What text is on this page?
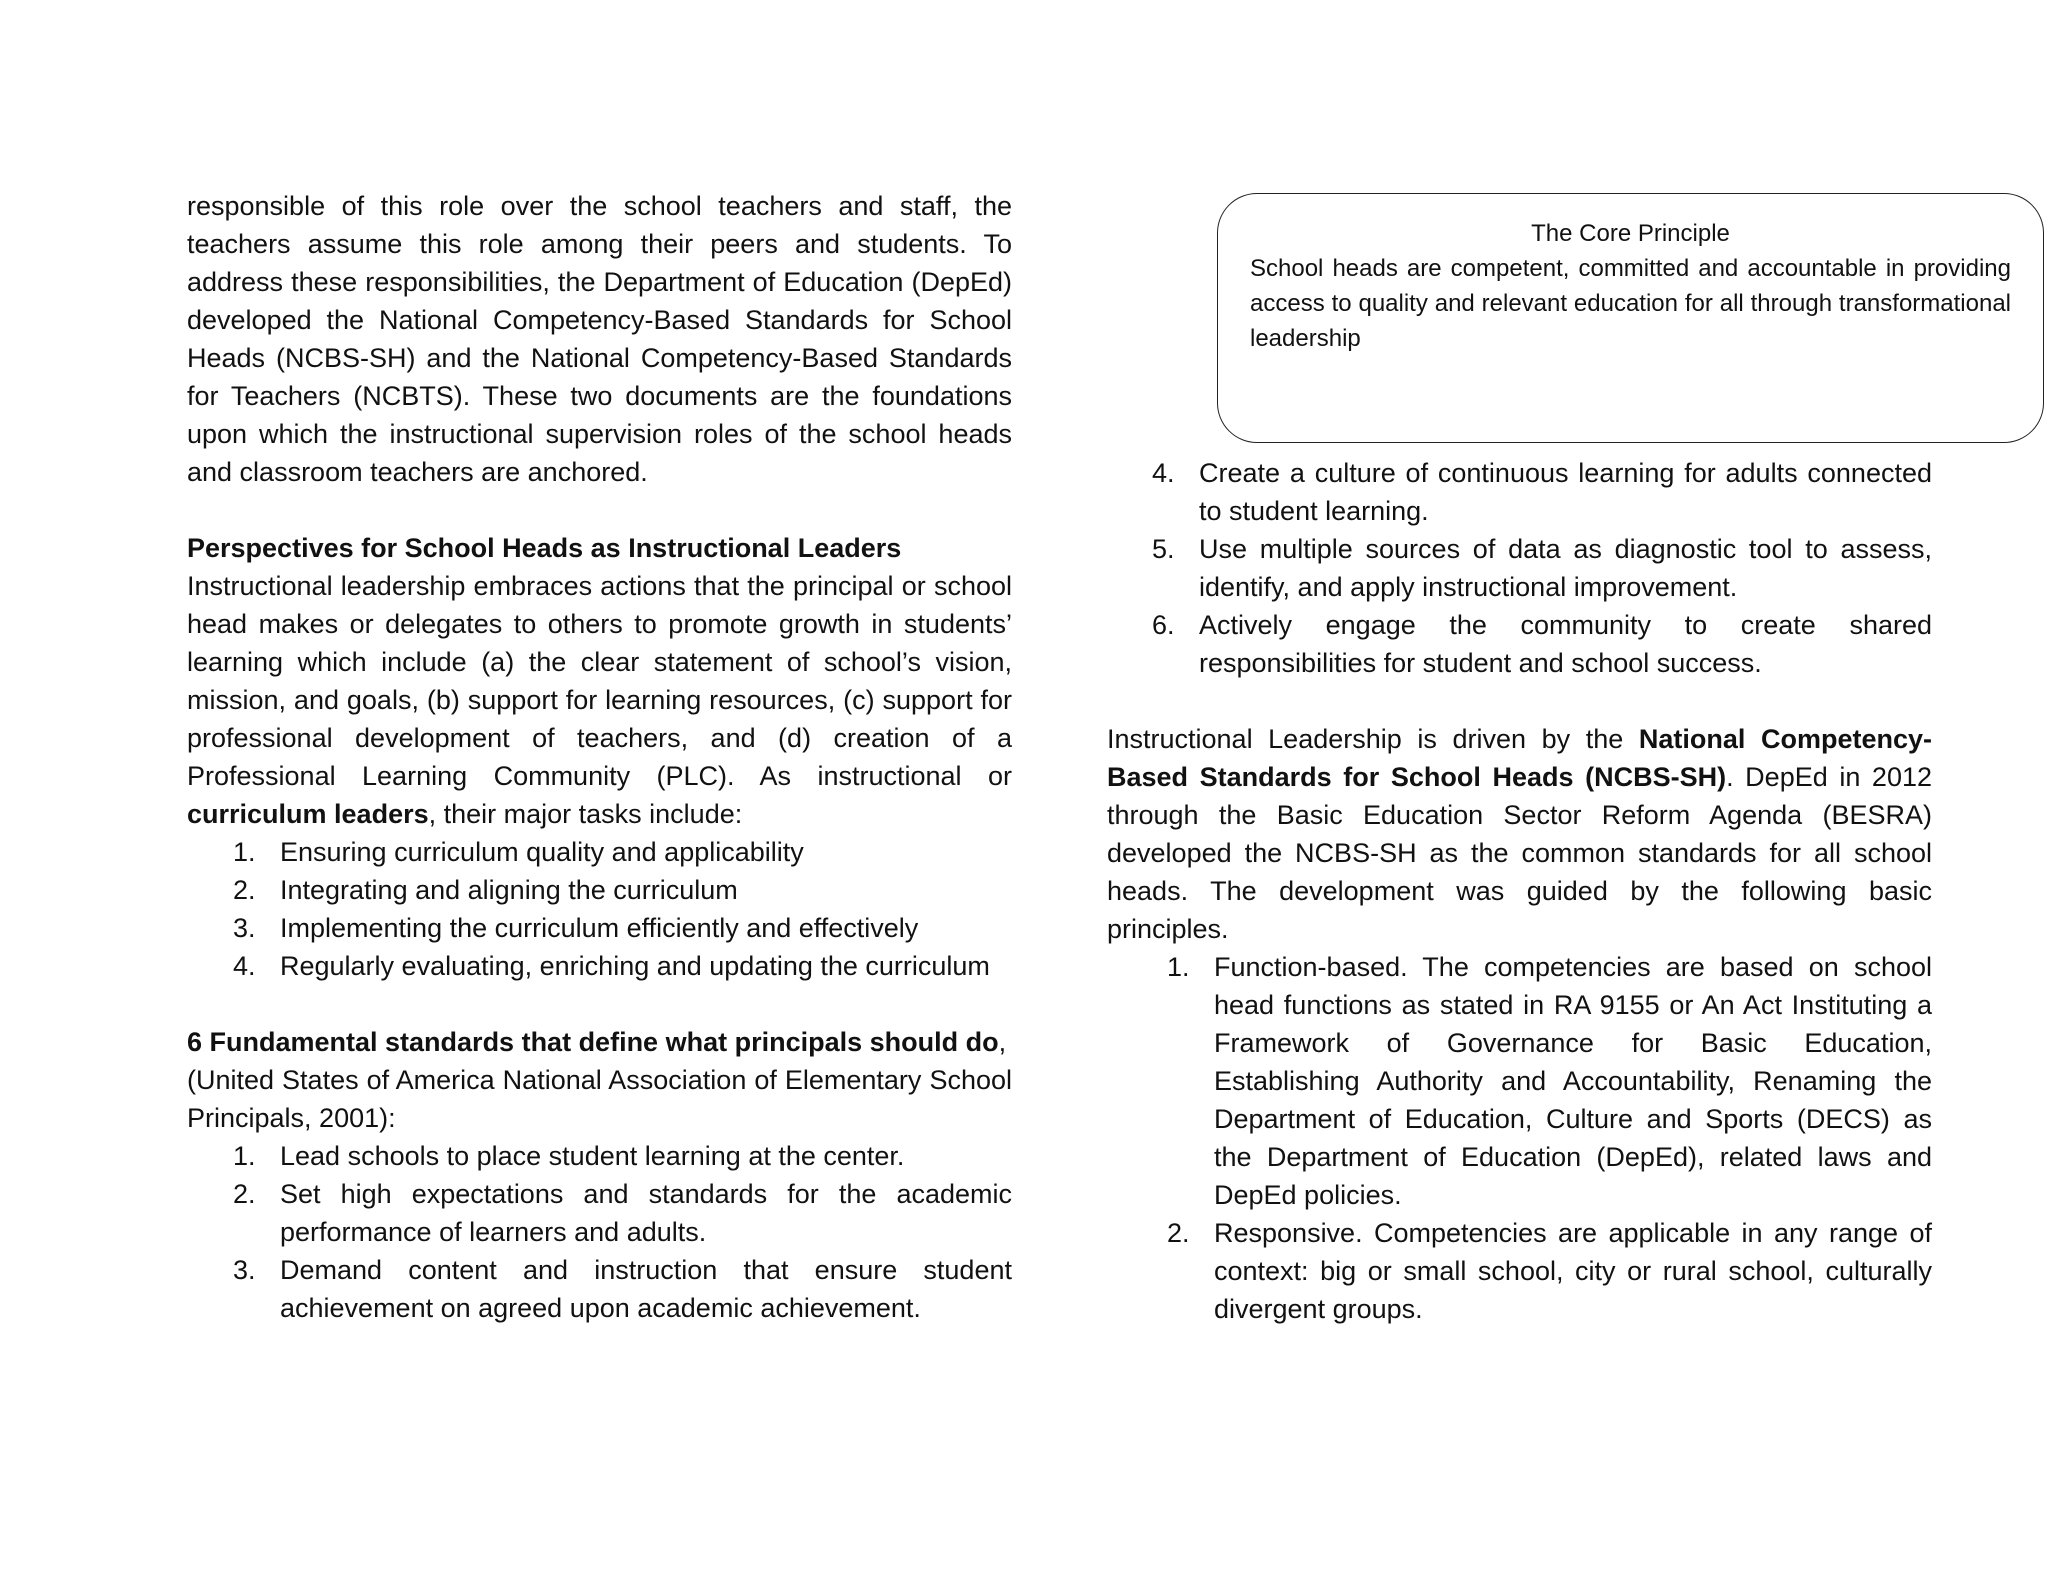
responsible of this role over the school teachers and staff, the teachers assume this role among their peers and students. To address these responsibilities, the Department of Education (DepEd) developed the National Competency-Based Standards for School Heads (NCBS-SH) and the National Competency-Based Standards for Teachers (NCBTS). These two documents are the foundations upon which the instructional supervision roles of the school heads and classroom teachers are anchored.

Perspectives for School Heads as Instructional Leaders

Instructional leadership embraces actions that the principal or school head makes or delegates to others to promote growth in students’ learning which include (a) the clear statement of school’s vision, mission, and goals, (b) support for learning resources, (c) support for professional development of teachers, and (d) creation of a Professional Learning Community (PLC). As instructional or curriculum leaders, their major tasks include:

1. Ensuring curriculum quality and applicability
2. Integrating and aligning the curriculum
3. Implementing the curriculum efficiently and effectively
4. Regularly evaluating, enriching and updating the curriculum

6 Fundamental standards that define what principals should do,

(United States of America National Association of Elementary School Principals, 2001):

1. Lead schools to place student learning at the center.
2. Set high expectations and standards for the academic performance of learners and adults.
3. Demand content and instruction that ensure student achievement on agreed upon academic achievement.
The Core Principle
School heads are competent, committed and accountable in providing access to quality and relevant education for all through transformational leadership
4. Create a culture of continuous learning for adults connected to student learning.
5. Use multiple sources of data as diagnostic tool to assess, identify, and apply instructional improvement.
6. Actively engage the community to create shared responsibilities for student and school success.

Instructional Leadership is driven by the National Competency-Based Standards for School Heads (NCBS-SH). DepEd in 2012 through the Basic Education Sector Reform Agenda (BESRA) developed the NCBS-SH as the common standards for all school heads. The development was guided by the following basic principles.

1. Function-based. The competencies are based on school head functions as stated in RA 9155 or An Act Instituting a Framework of Governance for Basic Education, Establishing Authority and Accountability, Renaming the Department of Education, Culture and Sports (DECS) as the Department of Education (DepEd), related laws and DepEd policies.
2. Responsive. Competencies are applicable in any range of context: big or small school, city or rural school, culturally divergent groups.
